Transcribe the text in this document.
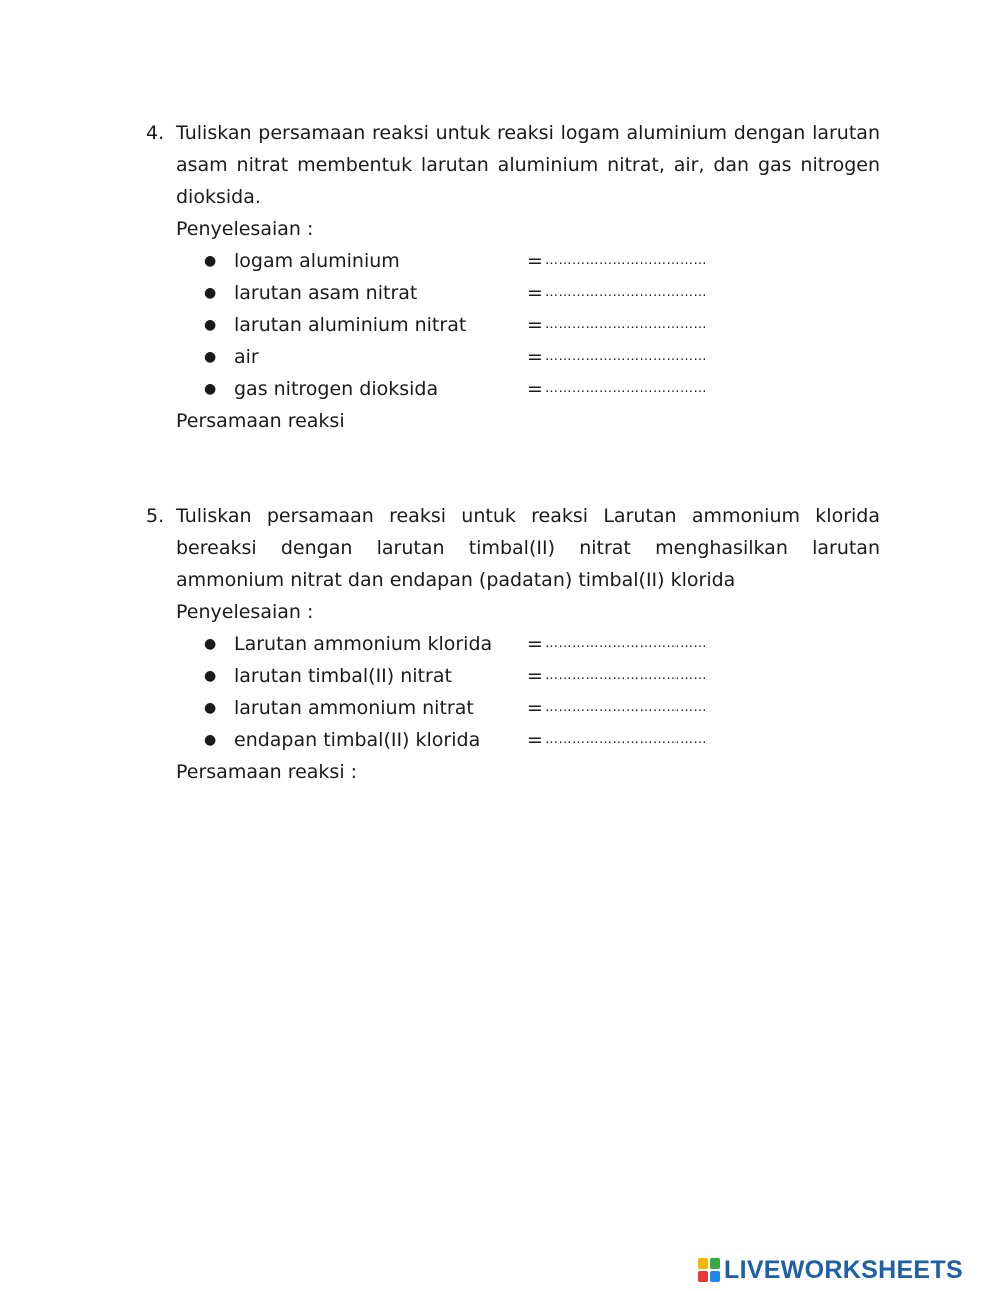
4. Tuliskan persamaan reaksi untuk reaksi logam aluminium dengan larutan asam nitrat membentuk larutan aluminium nitrat, air, dan gas nitrogen dioksida.
Penyelesaian :
● logam aluminium	= ………………………………
● larutan asam nitrat	= ………………………………
● larutan aluminium nitrat	= ………………………………
● air	= ………………………………
● gas nitrogen dioksida	= ………………………………
Persamaan reaksi
5. Tuliskan persamaan reaksi untuk reaksi Larutan ammonium klorida bereaksi dengan larutan timbal(II) nitrat menghasilkan larutan ammonium nitrat dan endapan (padatan) timbal(II) klorida
Penyelesaian :
● Larutan ammonium klorida	= ………………………………
● larutan timbal(II) nitrat	= ………………………………
● larutan ammonium nitrat	= ………………………………
● endapan timbal(II) klorida	= ………………………………
Persamaan reaksi :
LIVEWORKSHEETS
